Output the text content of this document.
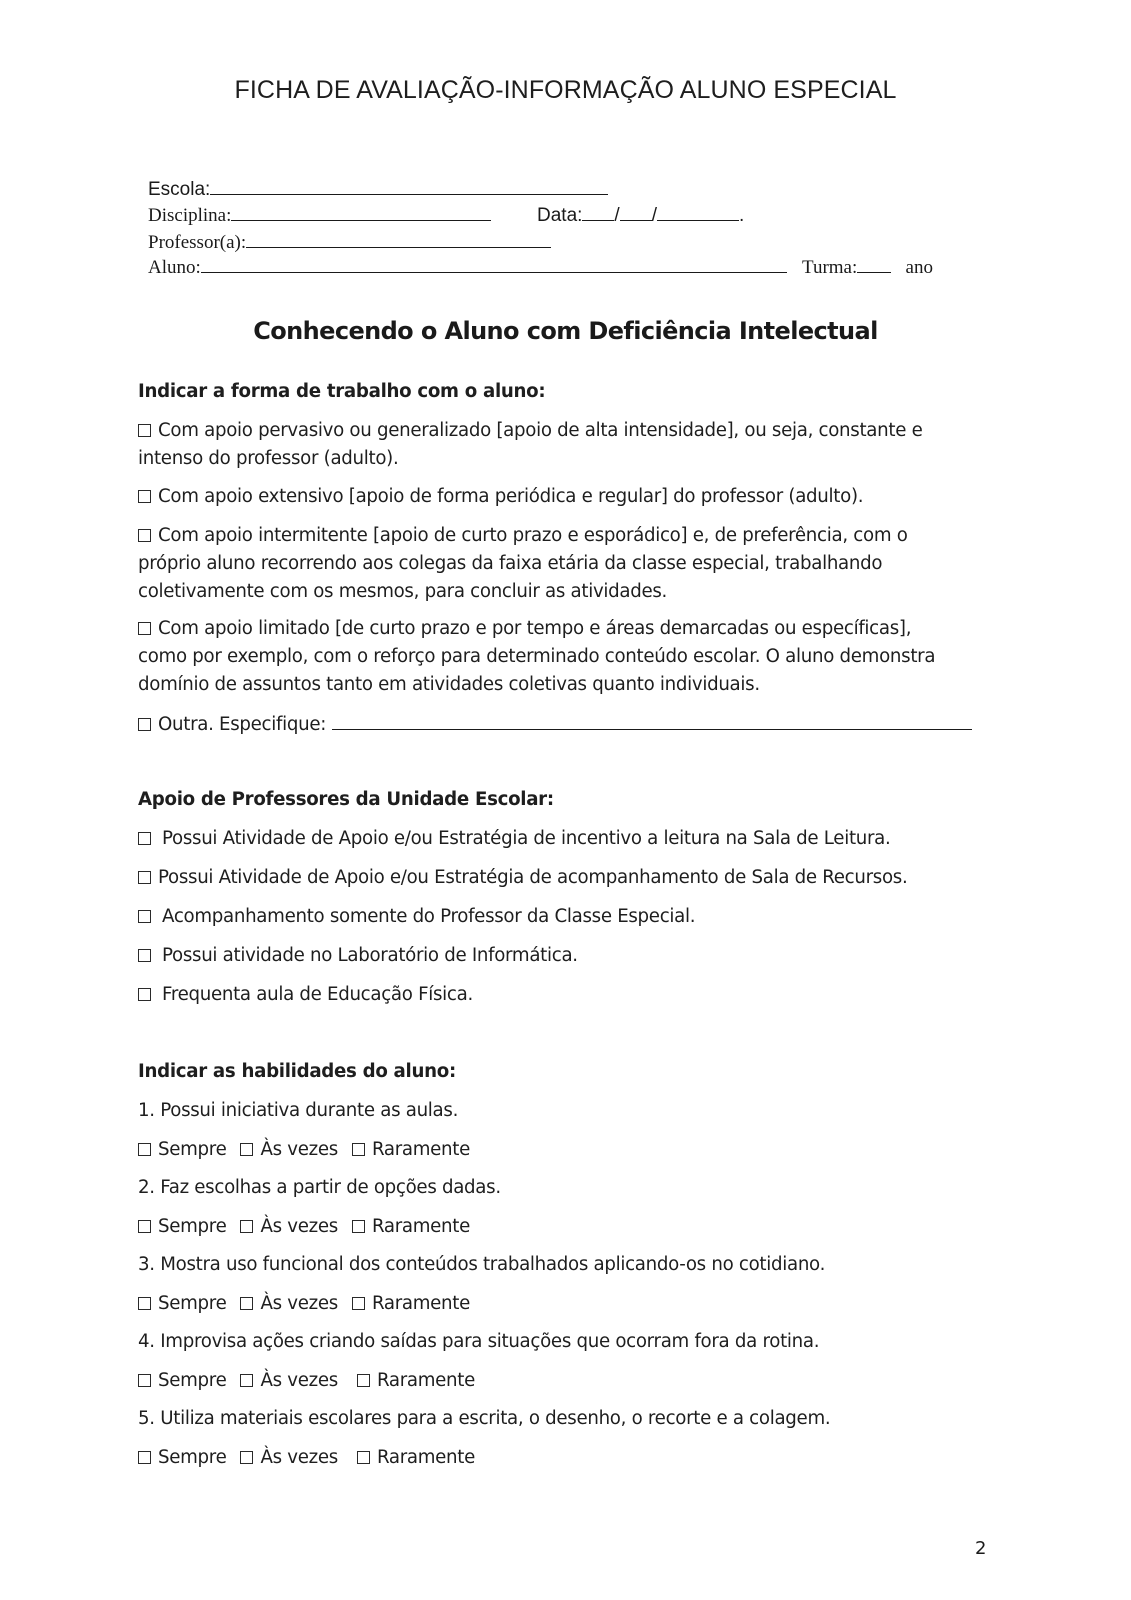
FICHA DE AVALIAÇÃO-INFORMAÇÃO ALUNO ESPECIAL
Escola:
Disciplina:	Data: / /	.
Professor(a):
Aluno:	Turma:	ano
Conhecendo o Aluno com Deficiência Intelectual
Indicar a forma de trabalho com o aluno:
Com apoio pervasivo ou generalizado [apoio de alta intensidade], ou seja, constante e
intenso do professor (adulto).
Com apoio extensivo [apoio de forma periódica e regular] do professor (adulto).
Com apoio intermitente [apoio de curto prazo e esporádico] e, de preferência, com o
próprio aluno recorrendo aos colegas da faixa etária da classe especial, trabalhando
coletivamente com os mesmos, para concluir as atividades.
Com apoio limitado [de curto prazo e por tempo e áreas demarcadas ou específicas],
como por exemplo, com o reforço para determinado conteúdo escolar. O aluno demonstra
domínio de assuntos tanto em atividades coletivas quanto individuais.
Outra. Especifique:
Apoio de Professores da Unidade Escolar:
Possui Atividade de Apoio e/ou Estratégia de incentivo a leitura na Sala de Leitura.
Possui Atividade de Apoio e/ou Estratégia de acompanhamento de Sala de Recursos.
Acompanhamento somente do Professor da Classe Especial.
Possui atividade no Laboratório de Informática.
Frequenta aula de Educação Física.
Indicar as habilidades do aluno:
1. Possui iniciativa durante as aulas.
Sempre Às vezes Raramente
2. Faz escolhas a partir de opções dadas.
Sempre Às vezes Raramente
3. Mostra uso funcional dos conteúdos trabalhados aplicando-os no cotidiano.
Sempre Às vezes Raramente
4. Improvisa ações criando saídas para situações que ocorram fora da rotina.
Sempre Às vezes Raramente
5. Utiliza materiais escolares para a escrita, o desenho, o recorte e a colagem.
Sempre Às vezes Raramente
2
